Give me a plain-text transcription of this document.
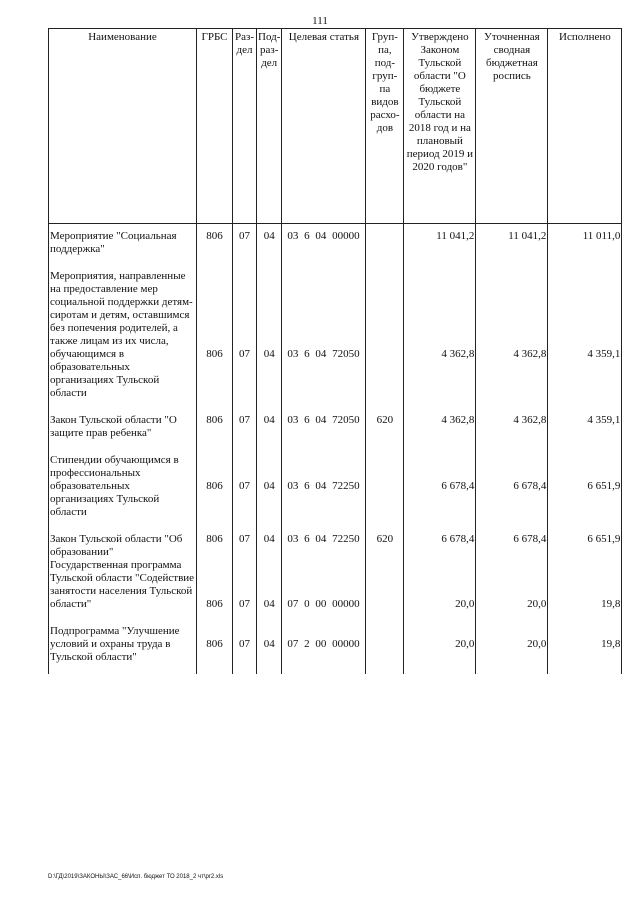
111
Наименование	ГРБС	Раз-дел	Под-раз-дел	Целевая статья	Груп-па, под-груп-па видов расхо-дов	Утверждено Законом Тульской области "О бюджете Тульской области на 2018 год и на плановый период 2019 и 2020 годов"	Уточненная сводная бюджетная роспись	Исполнено
Мероприятие "Социальная поддержка"	806	07	04	03 6 04 00000		11 041,2	11 041,2	11 011,0
Мероприятия, направленные на предоставление мер социальной поддержки детям-сиротам и детям, оставшимся без попечения родителей, а также лицам из их числа, обучающимся в образовательных организациях Тульской области	806	07	04	03 6 04 72050		4 362,8	4 362,8	4 359,1
Закон Тульской области "О защите прав ребенка"	806	07	04	03 6 04 72050	620	4 362,8	4 362,8	4 359,1
Стипендии обучающимся в профессиональных образовательных организациях Тульской области	806	07	04	03 6 04 72250		6 678,4	6 678,4	6 651,9
Закон Тульской области "Об образовании"	806	07	04	03 6 04 72250	620	6 678,4	6 678,4	6 651,9
Государственная программа Тульской области "Содействие занятости населения Тульской области"	806	07	04	07 0 00 00000		20,0	20,0	19,8
Подпрограмма "Улучшение условий и охраны труда в Тульской области"	806	07	04	07 2 00 00000		20,0	20,0	19,8
D:\ГД\2019\ЗАКОНЫ\ЗАС_66\Исп. бюджет ТО 2018_2 чт\pr2.xls
